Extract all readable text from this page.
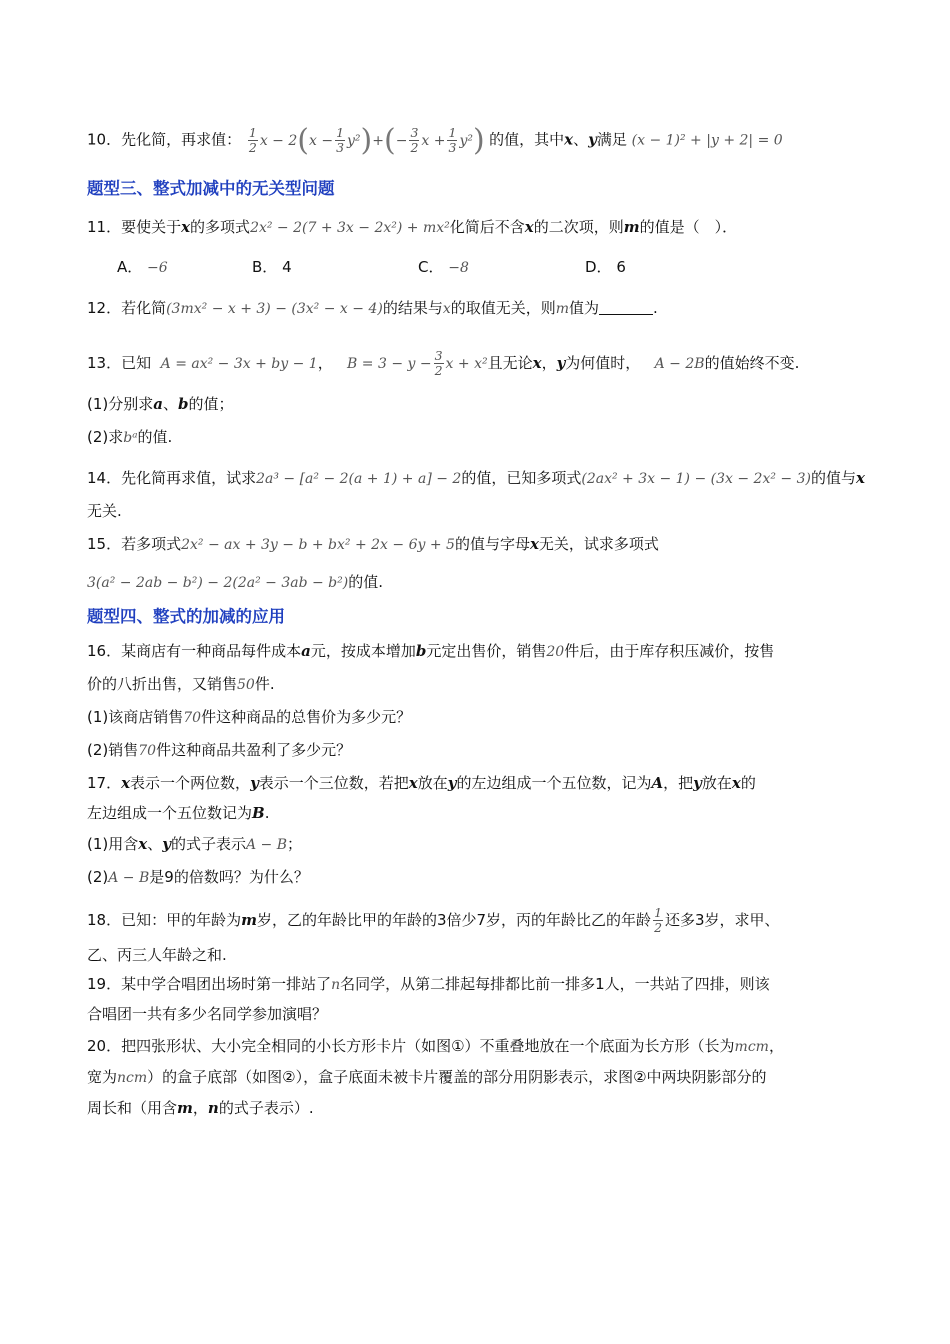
10．先化简，再求值： $\frac{1}{2}$ $x - 2(x - \frac{1}{3} y^2)+(- \frac{3}{2}$ $x + \frac{1}{3} y^2$) 的值，其中x、y满足 (x − 1)² + |y + 2| = 0
题型三、整式加减中的无关型问题
11．要使关于x的多项式2x² − 2(7 + 3x − 2x²) + mx²化简后不含x的二次项，则m的值是（　）．
A． −6	B． 4	C． −8	D． 6
12．若化简(3mx² − x + 3) − (3x² − x − 4)的结果与x的取值无关，则m值为	.
13．已知 A = ax² − 3x + by − 1， $B = 3 - y - \frac{3}{2}$ x + x²且无论x，y为何值时， A − 2B的值始终不变.
(1)分别求a、b的值；
(2)求bᵃ的值.
14．先化简再求值，试求2a³ − [a² − 2(a + 1) + a] − 2的值，已知多项式(2ax² + 3x − 1) − (3x − 2x² − 3)的值与x
无关.
15．若多项式2x² − ax + 3y − b + bx² + 2x − 6y + 5的值与字母x无关，试求多项式
3(a² − 2ab − b²) − 2(2a² − 3ab − b²)的值.
题型四、整式的加减的应用
16．某商店有一种商品每件成本a元，按成本增加b元定出售价，销售20件后，由于库存积压减价，按售
价的八折出售，又销售50件.
(1)该商店销售70件这种商品的总售价为多少元？
(2)销售70件这种商品共盈利了多少元？
17．x表示一个两位数，y表示一个三位数，若把x放在y的左边组成一个五位数，记为A，把y放在x的
左边组成一个五位数记为B.
(1)用含x、y的式子表示A − B；
(2)A − B是9的倍数吗？为什么？
18．已知：甲的年龄为m岁，乙的年龄比甲的年龄的3倍少7岁，丙的年龄比乙的年龄 $\frac{1}{2}$ 还多3岁，求甲、
乙、丙三人年龄之和.
19．某中学合唱团出场时第一排站了n名同学，从第二排起每排都比前一排多1人，一共站了四排，则该
合唱团一共有多少名同学参加演唱？
20．把四张形状、大小完全相同的小长方形卡片（如图①）不重叠地放在一个底面为长方形（长为mcm，
宽为ncm）的盒子底部（如图②），盒子底面未被卡片覆盖的部分用阴影表示，求图②中两块阴影部分的
周长和（用含m，n的式子表示）.
